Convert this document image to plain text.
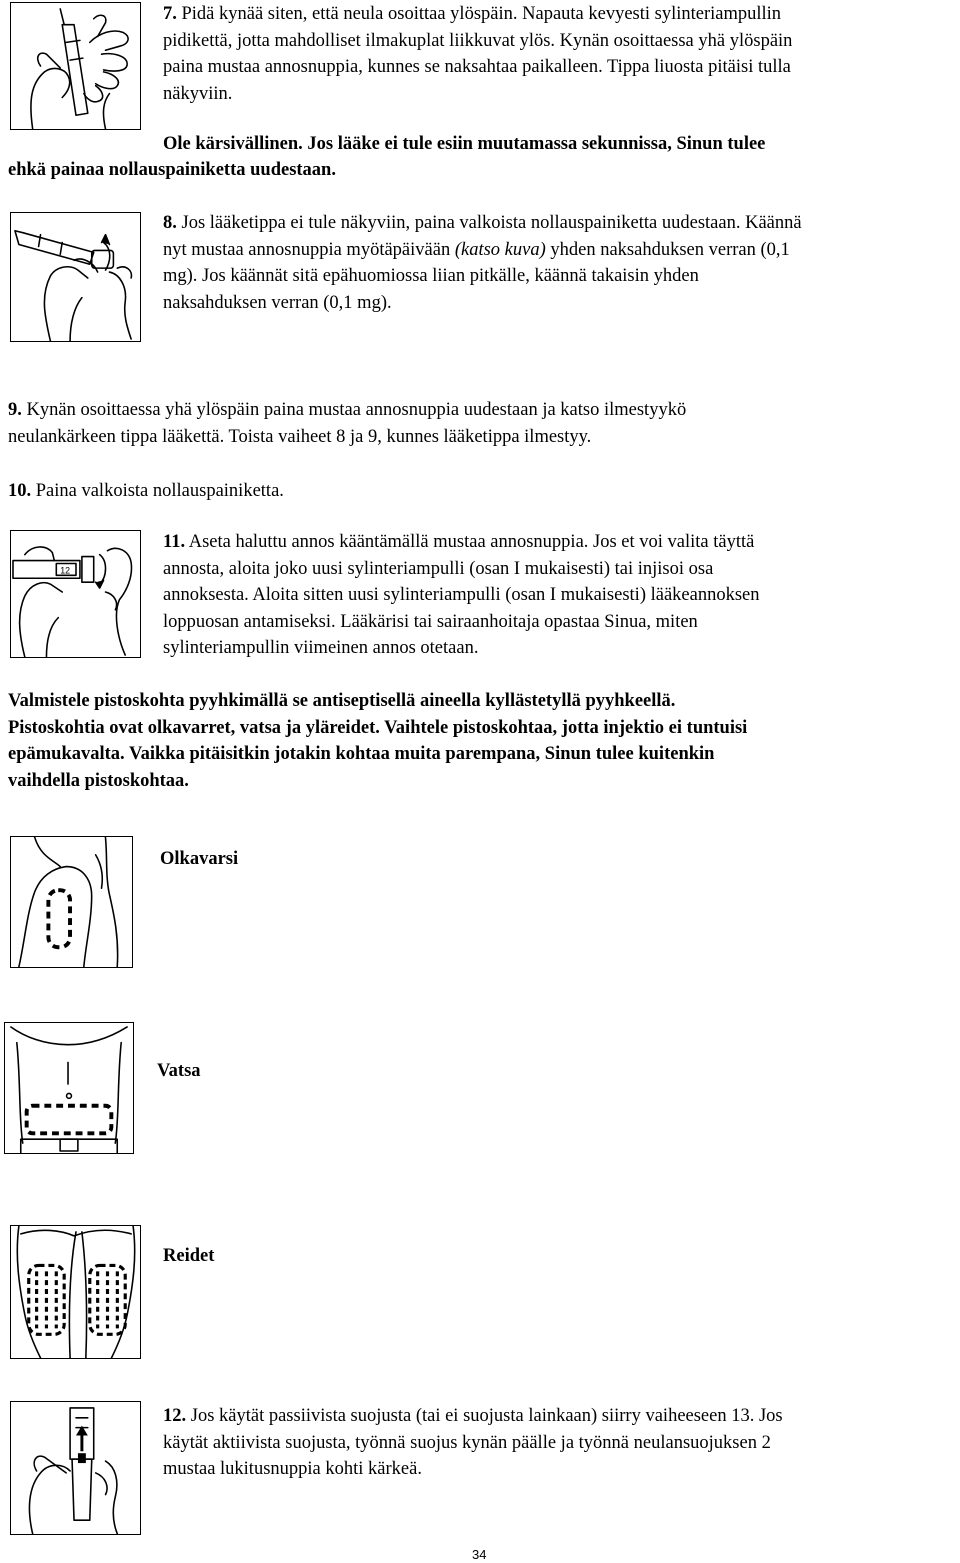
7. Pidä kynää siten, että neula osoittaa ylöspäin. Napauta kevyesti sylinteriampullin
pidikettä, jotta mahdolliset ilmakuplat liikkuvat ylös. Kynän osoittaessa yhä ylöspäin
paina mustaa annosnuppia, kunnes se naksahtaa paikalleen. Tippa liuosta pitäisi tulla
näkyviin.
Ole kärsivällinen. Jos lääke ei tule esiin muutamassa sekunnissa, Sinun tulee
ehkä painaa nollauspainiketta uudestaan.
8. Jos lääketippa ei tule näkyviin, paina valkoista nollauspainiketta uudestaan. Käännä
nyt mustaa annosnuppia myötäpäivään (katso kuva) yhden naksahduksen verran (0,1
mg). Jos käännät sitä epähuomiossa liian pitkälle, käännä takaisin yhden
naksahduksen verran (0,1 mg).
9. Kynän osoittaessa yhä ylöspäin paina mustaa annosnuppia uudestaan ja katso ilmestyykö
neulankärkeen tippa lääkettä. Toista vaiheet 8 ja 9, kunnes lääketippa ilmestyy.
10. Paina valkoista nollauspainiketta.
12
11. Aseta haluttu annos kääntämällä mustaa annosnuppia. Jos et voi valita täyttä
annosta, aloita joko uusi sylinteriampulli (osan I mukaisesti) tai injisoi osa
annoksesta. Aloita sitten uusi sylinteriampulli (osan I mukaisesti) lääkeannoksen
loppuosan antamiseksi. Lääkärisi tai sairaanhoitaja opastaa Sinua, miten
sylinteriampullin viimeinen annos otetaan.
Valmistele pistoskohta pyyhkimällä se antiseptisellä aineella kyllästetyllä pyyhkeellä.
Pistoskohtia ovat olkavarret, vatsa ja yläreidet. Vaihtele pistoskohtaa, jotta injektio ei tuntuisi
epämukavalta. Vaikka pitäisitkin jotakin kohtaa muita parempana, Sinun tulee kuitenkin
vaihdella pistoskohtaa.
Olkavarsi
Vatsa
Reidet
12. Jos käytät passiivista suojusta (tai ei suojusta lainkaan) siirry vaiheeseen 13. Jos
käytät aktiivista suojusta, työnnä suojus kynän päälle ja työnnä neulansuojuksen 2
mustaa lukitusnuppia kohti kärkeä.
34
